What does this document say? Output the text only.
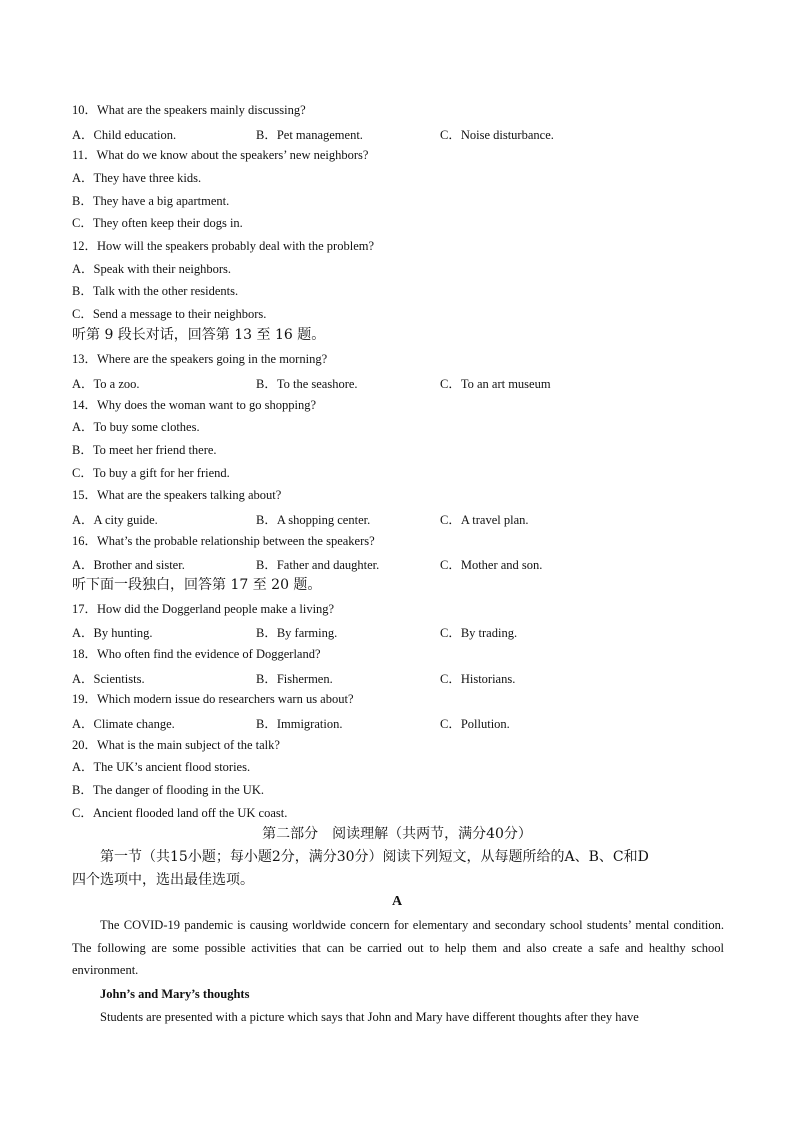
10．What are the speakers mainly discussing?
A．Child education.	B．Pet management.	C．Noise disturbance.
11．What do we know about the speakers’ new neighbors?
A．They have three kids.
B．They have a big apartment.
C．They often keep their dogs in.
12．How will the speakers probably deal with the problem?
A．Speak with their neighbors.
B．Talk with the other residents.
C．Send a message to their neighbors.
听第 9 段长对话，回答第 13 至 16 题。
13．Where are the speakers going in the morning?
A．To a zoo.	B．To the seashore.	C．To an art museum
14．Why does the woman want to go shopping?
A．To buy some clothes.
B．To meet her friend there.
C．To buy a gift for her friend.
15．What are the speakers talking about?
A．A city guide.	B．A shopping center.	C．A travel plan.
16．What’s the probable relationship between the speakers?
A．Brother and sister.	B．Father and daughter.	C．Mother and son.
听下面一段独白，回答第 17 至 20 题。
17．How did the Doggerland people make a living?
A．By hunting.	B．By farming.	C．By trading.
18．Who often find the evidence of Doggerland?
A．Scientists.	B．Fishermen.	C．Historians.
19．Which modern issue do researchers warn us about?
A．Climate change.	B．Immigration.	C．Pollution.
20．What is the main subject of the talk?
A．The UK’s ancient flood stories.
B．The danger of flooding in the UK.
C．Ancient flooded land off the UK coast.
第二部分　阅读理解（共两节，满分40分）
第一节（共15小题；每小题2分，满分30分）阅读下列短文，从每题所给的A、B、C和D
四个选项中，选出最佳选项。
A
The COVID-19 pandemic is causing worldwide concern for elementary and secondary school students’ mental condition. The following are some possible activities that can be carried out to help them and also create a safe and healthy school environment.
John’s and Mary’s thoughts
Students are presented with a picture which says that John and Mary have different thoughts after they have
